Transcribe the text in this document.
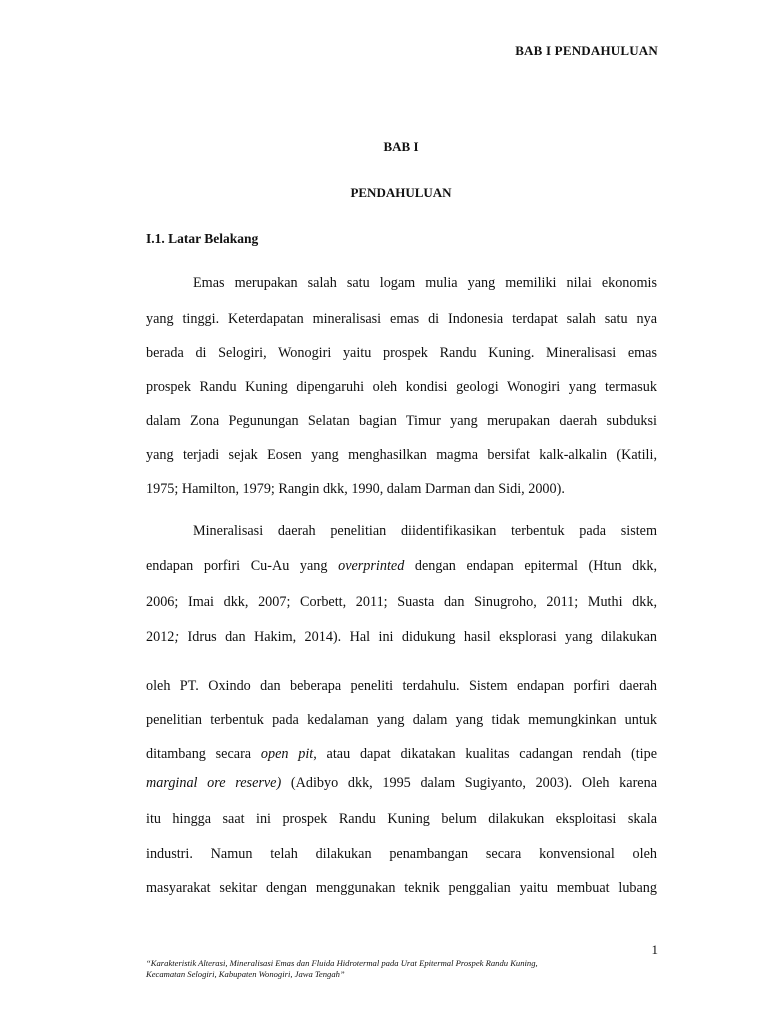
BAB I PENDAHULUAN
BAB I
PENDAHULUAN
I.1. Latar Belakang
Emas merupakan salah satu logam mulia yang memiliki nilai ekonomis
yang tinggi. Keterdapatan mineralisasi emas di Indonesia terdapat salah satu nya
berada di Selogiri, Wonogiri yaitu prospek Randu Kuning. Mineralisasi emas
prospek Randu Kuning dipengaruhi oleh kondisi geologi Wonogiri yang termasuk
dalam Zona Pegunungan Selatan bagian Timur yang merupakan daerah subduksi
yang terjadi sejak Eosen yang menghasilkan magma bersifat kalk-alkalin (Katili,
1975; Hamilton, 1979; Rangin dkk, 1990, dalam Darman dan Sidi, 2000).
Mineralisasi daerah penelitian diidentifikasikan terbentuk pada sistem
endapan porfiri Cu-Au yang overprinted dengan endapan epitermal (Htun dkk,
2006; Imai dkk, 2007; Corbett, 2011; Suasta dan Sinugroho, 2011; Muthi dkk,
2012; Idrus dan Hakim, 2014). Hal ini didukung hasil eksplorasi yang dilakukan
oleh PT. Oxindo dan beberapa peneliti terdahulu. Sistem endapan porfiri daerah
penelitian terbentuk pada kedalaman yang dalam yang tidak memungkinkan untuk
ditambang secara open pit, atau dapat dikatakan kualitas cadangan rendah (tipe
marginal ore reserve) (Adibyo dkk, 1995 dalam Sugiyanto, 2003). Oleh karena
itu hingga saat ini prospek Randu Kuning belum dilakukan eksploitasi skala
industri. Namun telah dilakukan penambangan secara konvensional oleh
masyarakat sekitar dengan menggunakan teknik penggalian yaitu membuat lubang
1
“Karakteristik Alterasi, Mineralisasi Emas dan Fluida Hidrotermal pada Urat Epitermal Prospek Randu Kuning,
Kecamatan Selogiri, Kabupaten Wonogiri, Jawa Tengah”
